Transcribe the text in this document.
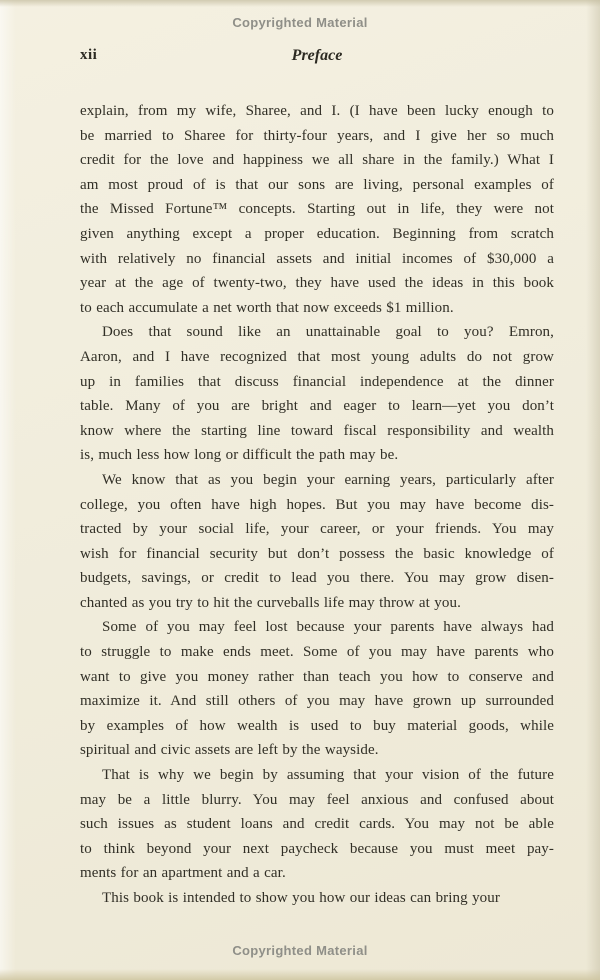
Copyrighted Material
xii	Preface
explain, from my wife, Sharee, and I. (I have been lucky enough to
be married to Sharee for thirty-four years, and I give her so much
credit for the love and happiness we all share in the family.) What I
am most proud of is that our sons are living, personal examples of
the Missed Fortune™ concepts. Starting out in life, they were not
given anything except a proper education. Beginning from scratch
with relatively no financial assets and initial incomes of $30,000 a
year at the age of twenty-two, they have used the ideas in this book
to each accumulate a net worth that now exceeds $1 million.
Does that sound like an unattainable goal to you? Emron,
Aaron, and I have recognized that most young adults do not grow
up in families that discuss financial independence at the dinner
table. Many of you are bright and eager to learn—yet you don’t
know where the starting line toward fiscal responsibility and wealth
is, much less how long or difficult the path may be.
We know that as you begin your earning years, particularly after
college, you often have high hopes. But you may have become dis-
tracted by your social life, your career, or your friends. You may
wish for financial security but don’t possess the basic knowledge of
budgets, savings, or credit to lead you there. You may grow disen-
chanted as you try to hit the curveballs life may throw at you.
Some of you may feel lost because your parents have always had
to struggle to make ends meet. Some of you may have parents who
want to give you money rather than teach you how to conserve and
maximize it. And still others of you may have grown up surrounded
by examples of how wealth is used to buy material goods, while
spiritual and civic assets are left by the wayside.
That is why we begin by assuming that your vision of the future
may be a little blurry. You may feel anxious and confused about
such issues as student loans and credit cards. You may not be able
to think beyond your next paycheck because you must meet pay-
ments for an apartment and a car.
This book is intended to show you how our ideas can bring your
Copyrighted Material
